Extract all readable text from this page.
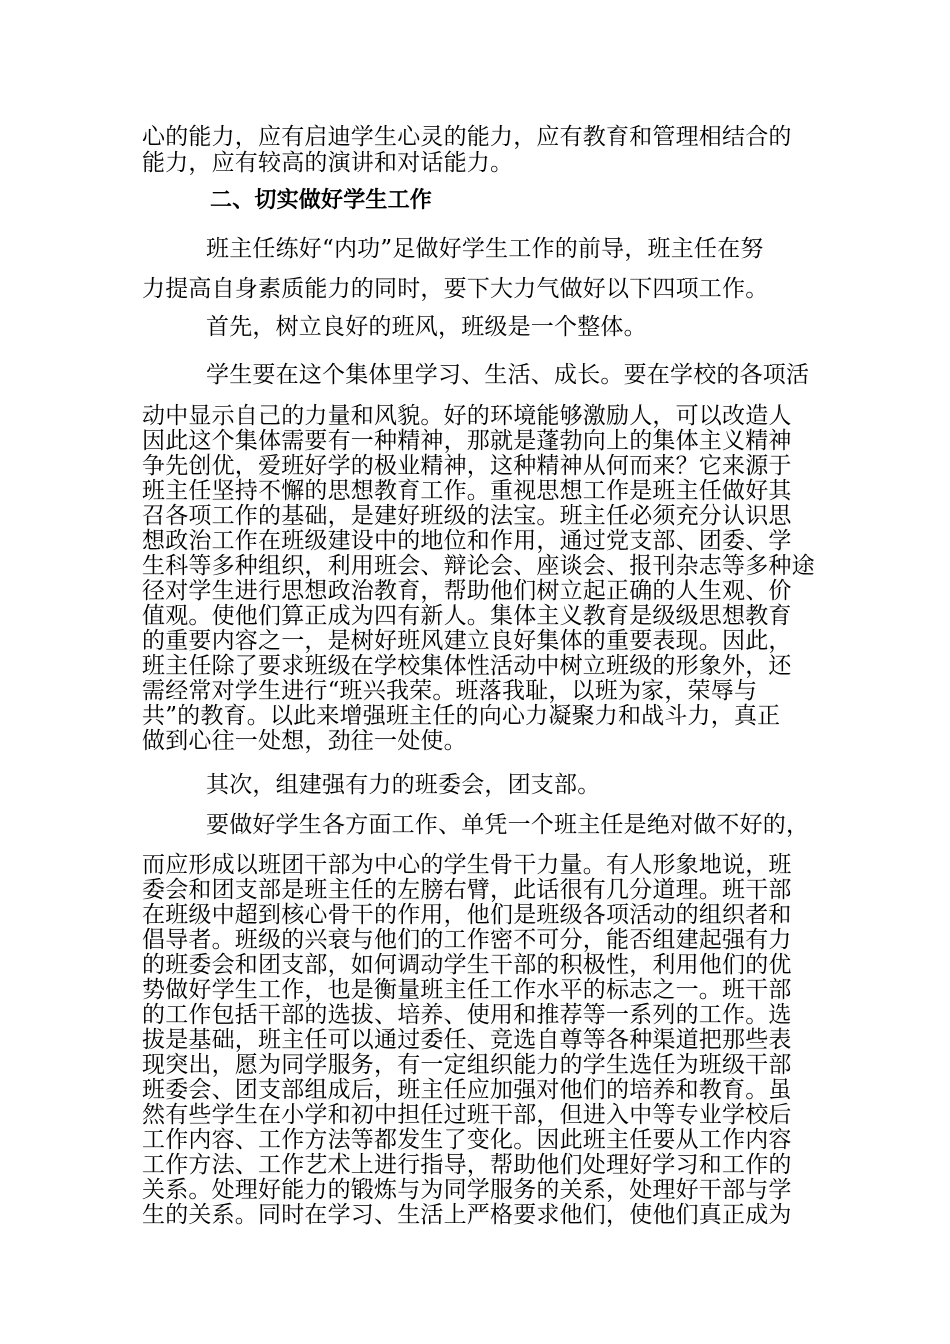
心的能力，应有启迪学生心灵的能力，应有教育和管理相结合的
能力，应有较高的演讲和对话能力。
二、切实做好学生工作
班主任练好“内功”足做好学生工作的前导，班主任在努
力提高自身素质能力的同时，要下大力气做好以下四项工作。
首先，树立良好的班风，班级是一个整体。
学生要在这个集体里学习、生活、成长。要在学校的各项活
动中显示自己的力量和风貌。好的环境能够激励人，可以改造人
因此这个集体需要有一种精神，那就是蓬勃向上的集体主义精神
争先创优，爱班好学的极业精神，这种精神从何而来？它来源于
班主任坚持不懈的思想教育工作。重视思想工作是班主任做好其
召各项工作的基础，是建好班级的法宝。班主任必须充分认识思
想政治工作在班级建设中的地位和作用，通过党支部、团委、学
生科等多种组织，利用班会、辩论会、座谈会、报刊杂志等多种途
径对学生进行思想政治教育，帮助他们树立起正确的人生观、价
值观。使他们算正成为四有新人。集体主义教育是级级思想教育
的重要内容之一，是树好班风建立良好集体的重要表现。因此，
班主任除了要求班级在学校集体性活动中树立班级的形象外，还
需经常对学生进行“班兴我荣。班落我耻，以班为家，荣辱与
共”的教育。以此来增强班主任的向心力凝聚力和战斗力，真正
做到心往一处想，劲往一处使。
其次，组建强有力的班委会，团支部。
要做好学生各方面工作、单凭一个班主任是绝对做不好的，
而应形成以班团干部为中心的学生骨干力量。有人形象地说，班
委会和团支部是班主任的左膀右臂，此话很有几分道理。班干部
在班级中超到核心骨干的作用，他们是班级各项活动的组织者和
倡导者。班级的兴衰与他们的工作密不可分，能否组建起强有力
的班委会和团支部，如何调动学生干部的积极性，利用他们的优
势做好学生工作，也是衡量班主任工作水平的标志之一。班干部
的工作包括干部的选拔、培养、使用和推荐等一系列的工作。选
拔是基础，班主任可以通过委任、竞选自尊等各种渠道把那些表
现突出，愿为同学服务，有一定组织能力的学生选任为班级干部
班委会、团支部组成后，班主任应加强对他们的培养和教育。虽
然有些学生在小学和初中担任过班干部，但进入中等专业学校后
工作内容、工作方法等都发生了变化。因此班主任要从工作内容
工作方法、工作艺术上进行指导，帮助他们处理好学习和工作的
关系。处理好能力的锻炼与为同学服务的关系，处理好干部与学
生的关系。同时在学习、生活上严格要求他们，使他们真正成为
